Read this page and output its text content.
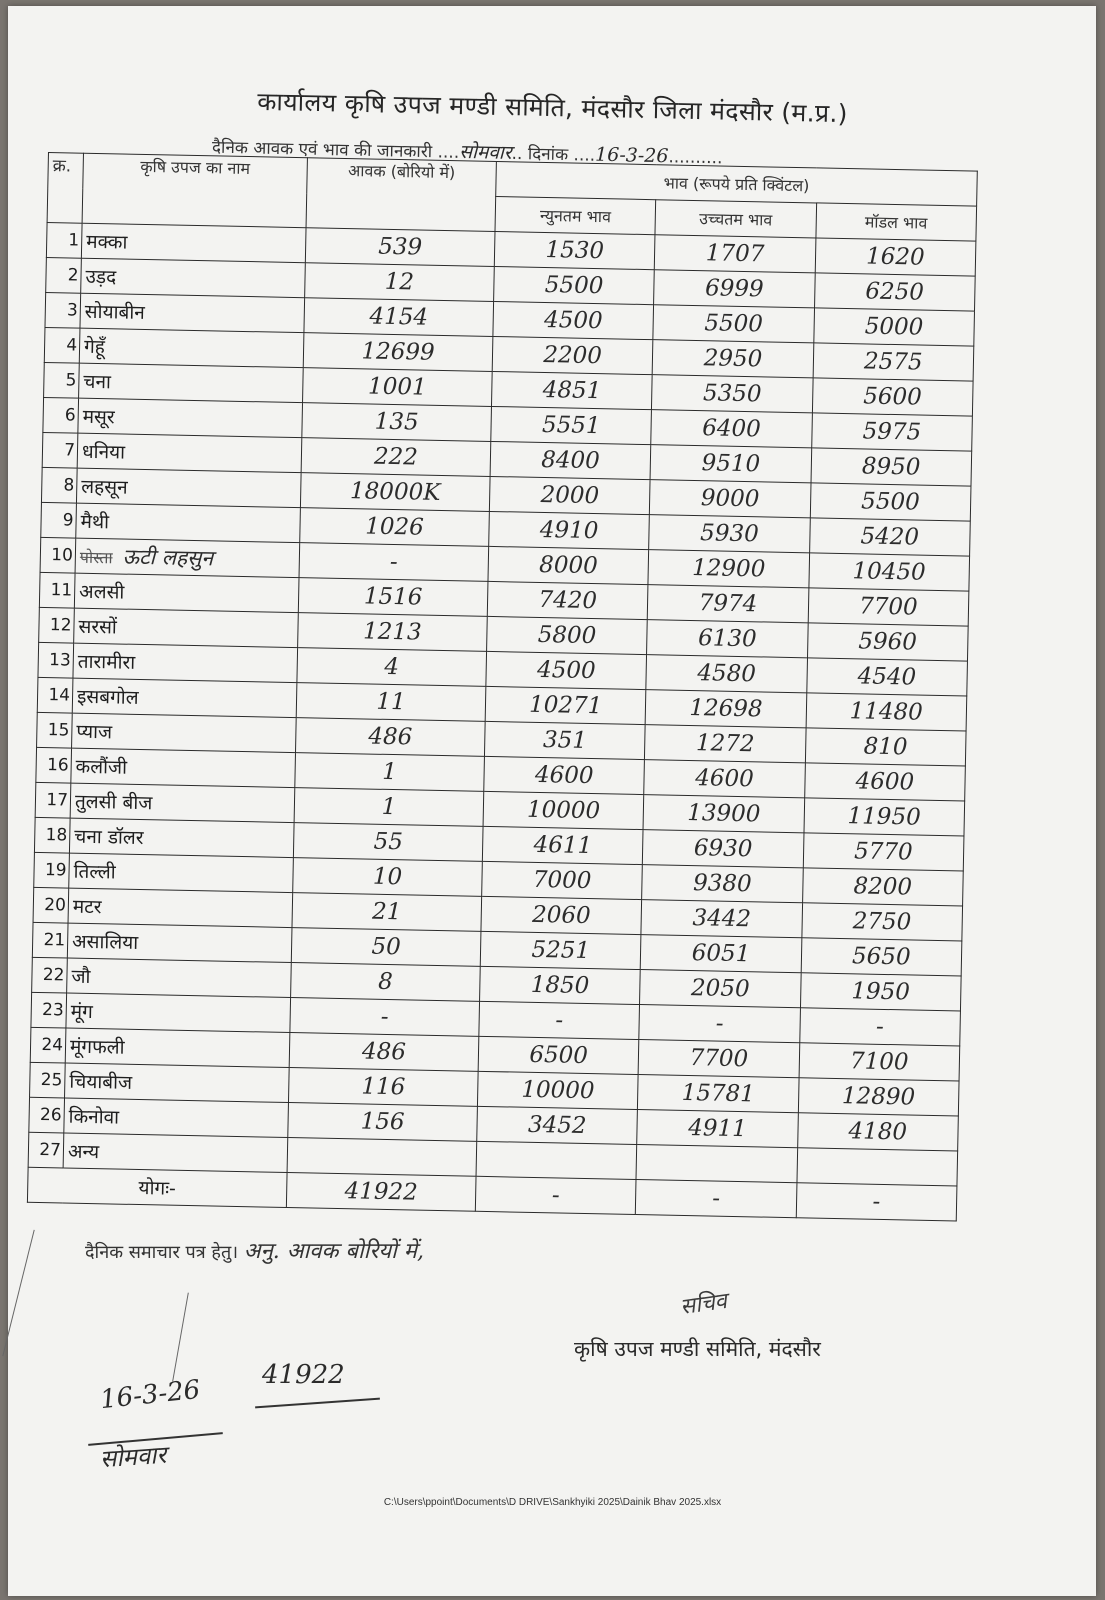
कार्यालय कृषि उपज मण्डी समिति, मंदसौर जिला मंदसौर (म.प्र.)
दैनिक आवक एवं भाव की जानकारी ....सोमवार.. दिनांक ....16-3-26..........
क्र.	कृषि उपज का नाम	आवक (बोरियो में)	भाव (रूपये प्रति क्विंटल)		
			न्युनतम भाव	उच्चतम भाव	मॉडल भाव
1	मक्का	539	1530	1707	1620
2	उड़द	12	5500	6999	6250
3	सोयाबीन	4154	4500	5500	5000
4	गेहूँ	12699	2200	2950	2575
5	चना	1001	4851	5350	5600
6	मसूर	135	5551	6400	5975
7	धनिया	222	8400	9510	8950
8	लहसून	18000K	2000	9000	5500
9	मैथी	1026	4910	5930	5420
10	पोस्ता ऊटी लहसुन	-	8000	12900	10450
11	अलसी	1516	7420	7974	7700
12	सरसों	1213	5800	6130	5960
13	तारामीरा	4	4500	4580	4540
14	इसबगोल	11	10271	12698	11480
15	प्याज	486	351	1272	810
16	कलौंजी	1	4600	4600	4600
17	तुलसी बीज	1	10000	13900	11950
18	चना डॉलर	55	4611	6930	5770
19	तिल्ली	10	7000	9380	8200
20	मटर	21	2060	3442	2750
21	असालिया	50	5251	6051	5650
22	जौ	8	1850	2050	1950
23	मूंग	-	-	-	-
24	मूंगफली	486	6500	7700	7100
25	चियाबीज	116	10000	15781	12890
26	किनोवा	156	3452	4911	4180
27	अन्य				
योगः-		41922	-	-	-
दैनिक समाचार पत्र हेतु। अनु. आवक बोरियों में,
सचिव
कृषि उपज मण्डी समिति, मंदसौर
16-3-26 41922
सोमवार
C:\Users\ppoint\Documents\D DRIVE\Sankhyiki 2025\Dainik Bhav 2025.xlsx
